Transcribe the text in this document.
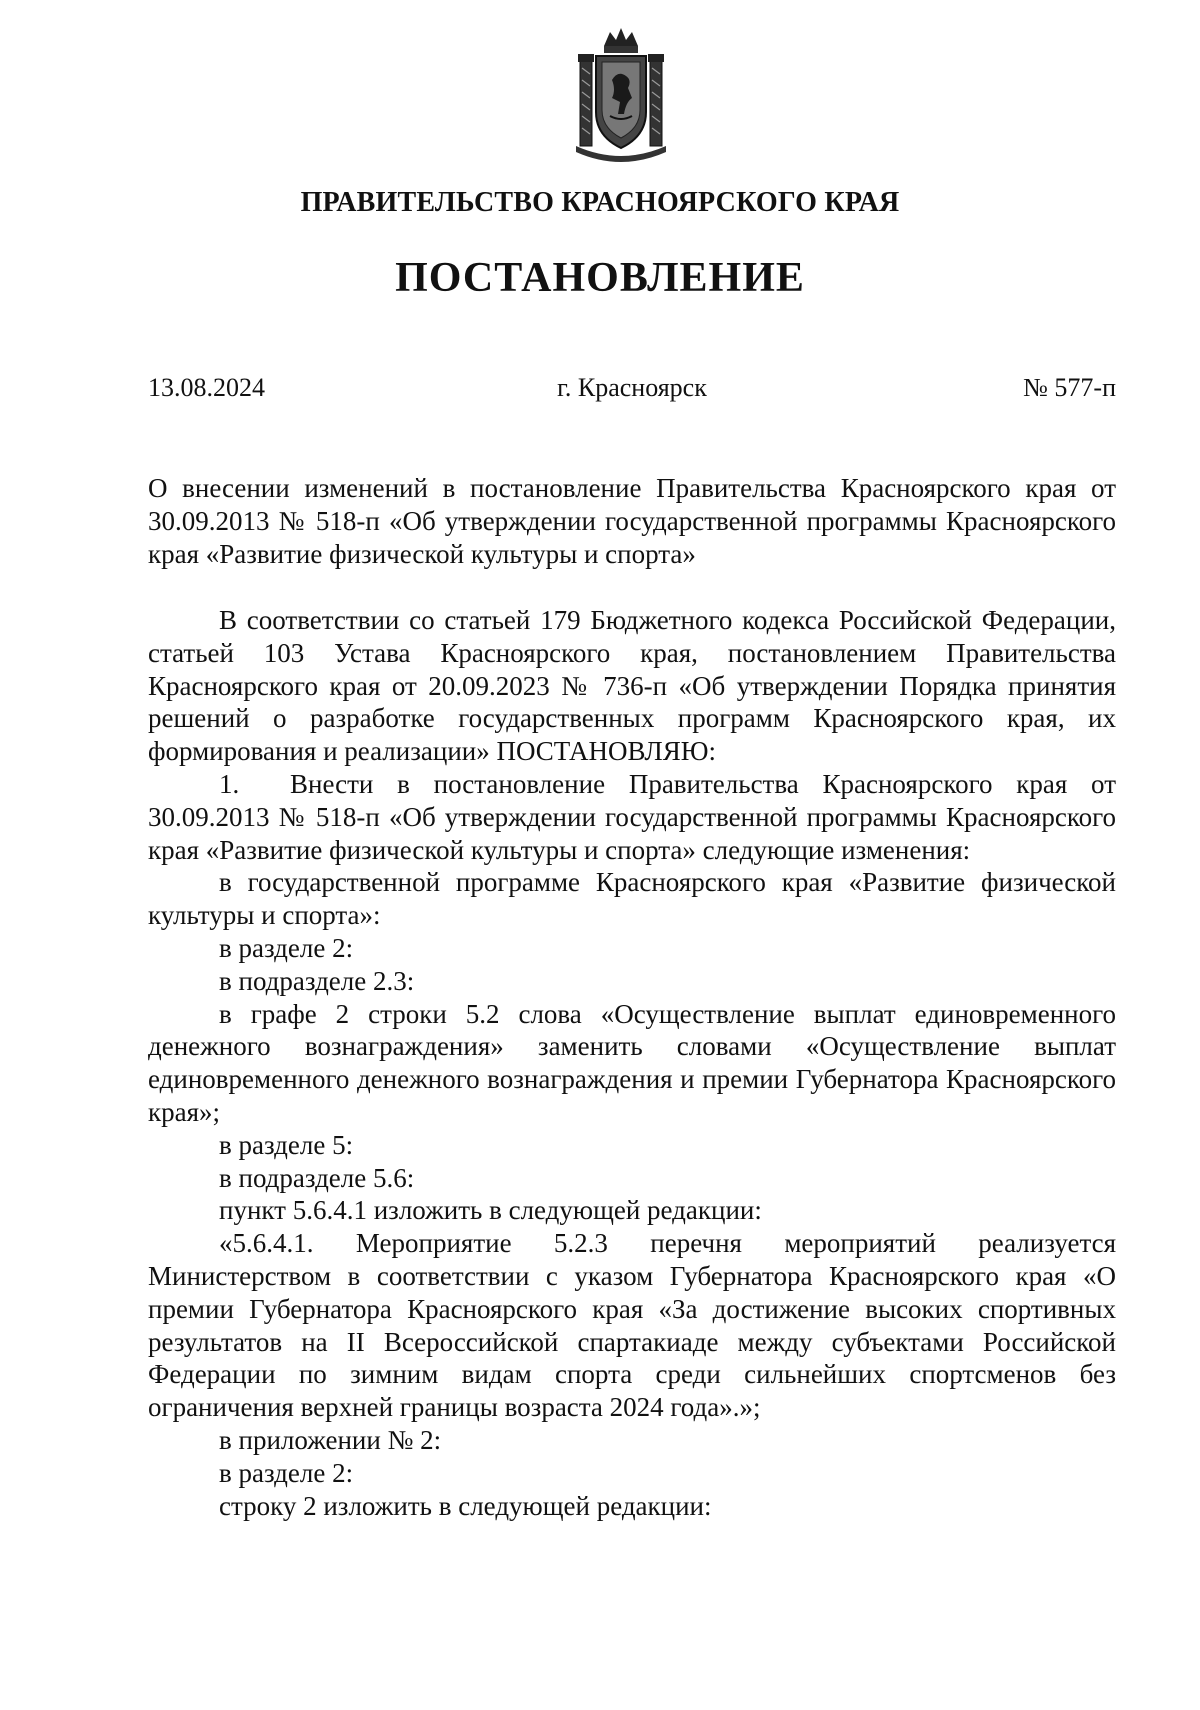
ПРАВИТЕЛЬСТВО КРАСНОЯРСКОГО КРАЯ
ПОСТАНОВЛЕНИЕ
13.08.2024	г. Красноярск	№ 577-п
О внесении изменений в постановление Правительства Красноярского края от 30.09.2013 № 518-п «Об утверждении государственной программы Красноярского края «Развитие физической культуры и спорта»

В соответствии со статьей 179 Бюджетного кодекса Российской Федерации, статьей 103 Устава Красноярского края, постановлением Правительства Красноярского края от 20.09.2023 № 736-п «Об утверждении Порядка принятия решений о разработке государственных программ Красноярского края, их формирования и реализации» ПОСТАНОВЛЯЮ:

1. Внести в постановление Правительства Красноярского края от 30.09.2013 № 518-п «Об утверждении государственной программы Красноярского края «Развитие физической культуры и спорта» следующие изменения:

в государственной программе Красноярского края «Развитие физической культуры и спорта»:

в разделе 2:

в подразделе 2.3:

в графе 2 строки 5.2 слова «Осуществление выплат единовременного денежного вознаграждения» заменить словами «Осуществление выплат единовременного денежного вознаграждения и премии Губернатора Красноярского края»;

в разделе 5:

в подразделе 5.6:

пункт 5.6.4.1 изложить в следующей редакции:

«5.6.4.1. Мероприятие 5.2.3 перечня мероприятий реализуется Министерством в соответствии с указом Губернатора Красноярского края «О премии Губернатора Красноярского края «За достижение высоких спортивных результатов на II Всероссийской спартакиаде между субъектами Российской Федерации по зимним видам спорта среди сильнейших спортсменов без ограничения верхней границы возраста 2024 года».»;

в приложении № 2:

в разделе 2:

строку 2 изложить в следующей редакции:
